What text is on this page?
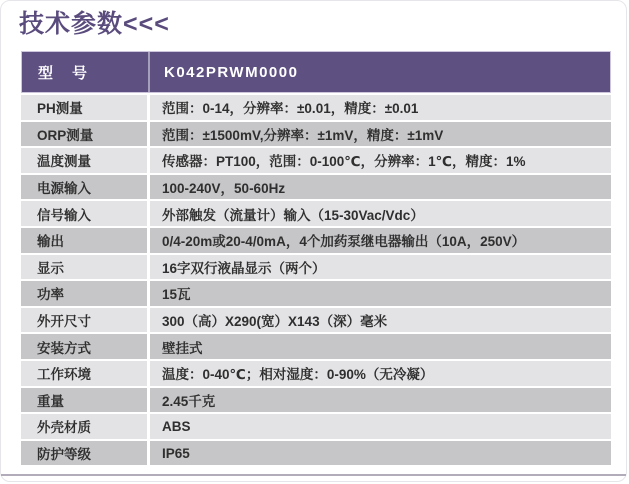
技术参数<<<
型　号	K042PRWM0000
PH测量	范围：0-14，分辨率：±0.01，精度：±0.01
ORP测量	范围：±1500mV,分辨率：±1mV，精度：±1mV
温度测量	传感器：PT100，范围：0-100℃，分辨率：1℃，精度：1%
电源输入	100-240V，50-60Hz
信号输入	外部触发（流量计）输入（15-30Vac/Vdc）
输出	0/4-20m或20-4/0mA，4个加药泵继电器输出（10A，250V）
显示	16字双行液晶显示（两个）
功率	15瓦
外开尺寸	300（高）X290(宽）X143（深）毫米
安装方式	壁挂式
工作环境	温度：0-40℃；相对湿度：0-90%（无冷凝）
重量	2.45千克
外壳材质	ABS
防护等级	IP65
